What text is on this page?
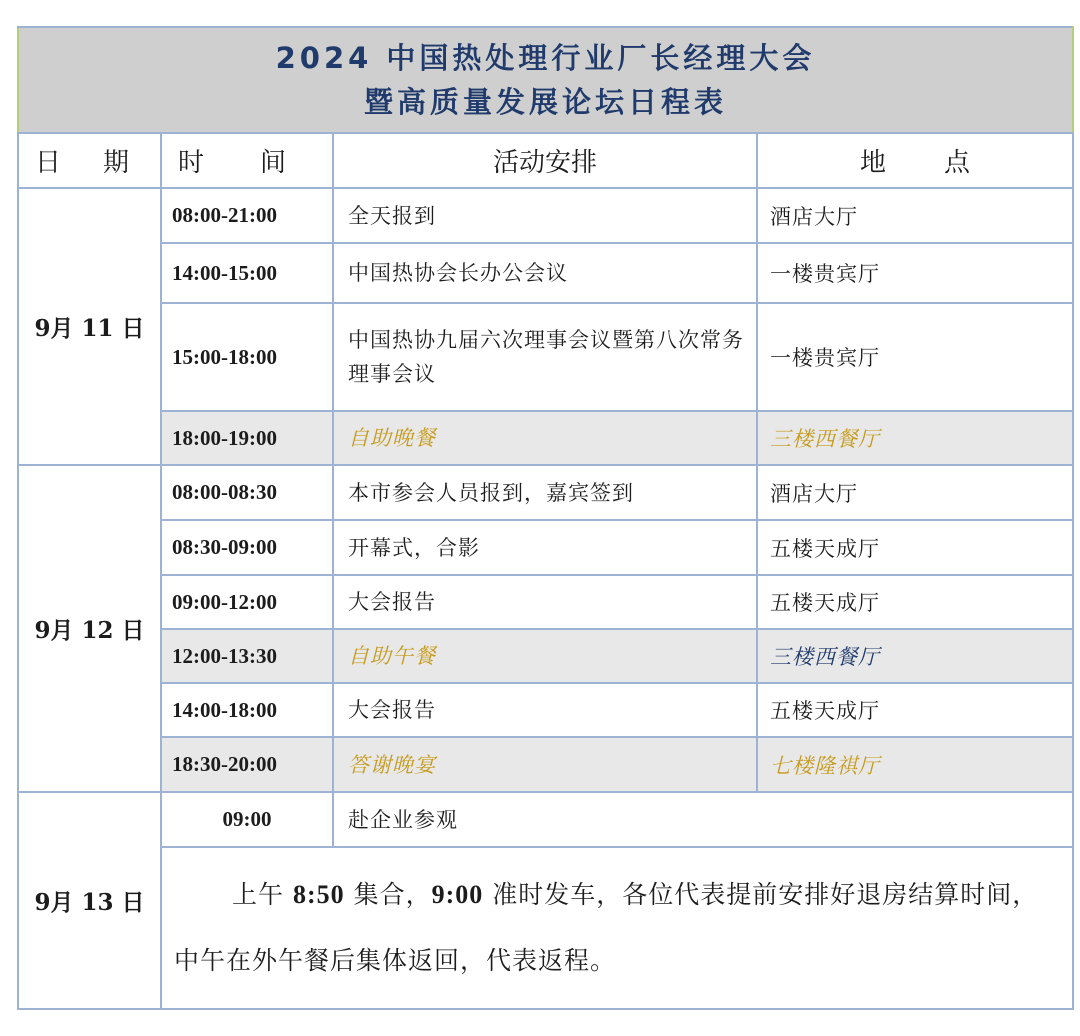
2024 中国热处理行业厂长经理大会
暨高质量发展论坛日程表			

日 期	时 间	活动安排	地 点
9月 11 日	08:00-21:00	全天报到	酒店大厅
	14:00-15:00	中国热协会长办公会议	一楼贵宾厅
	15:00-18:00	中国热协九届六次理事会议暨第八次常务理事会议	一楼贵宾厅
	18:00-19:00	自助晚餐	三楼西餐厅
9月 12 日	08:00-08:30	本市参会人员报到，嘉宾签到	酒店大厅
	08:30-09:00	开幕式，合影	五楼天成厅
	09:00-12:00	大会报告	五楼天成厅
	12:00-13:30	自助午餐	三楼西餐厅
	14:00-18:00	大会报告	五楼天成厅
	18:30-20:00	答谢晚宴	七楼隆祺厅
9月 13 日	09:00	赴企业参观	
	上午 8:50 集合，9:00 准时发车，各位代表提前安排好退房结算时间，中午在外午餐后集体返回，代表返程。		
